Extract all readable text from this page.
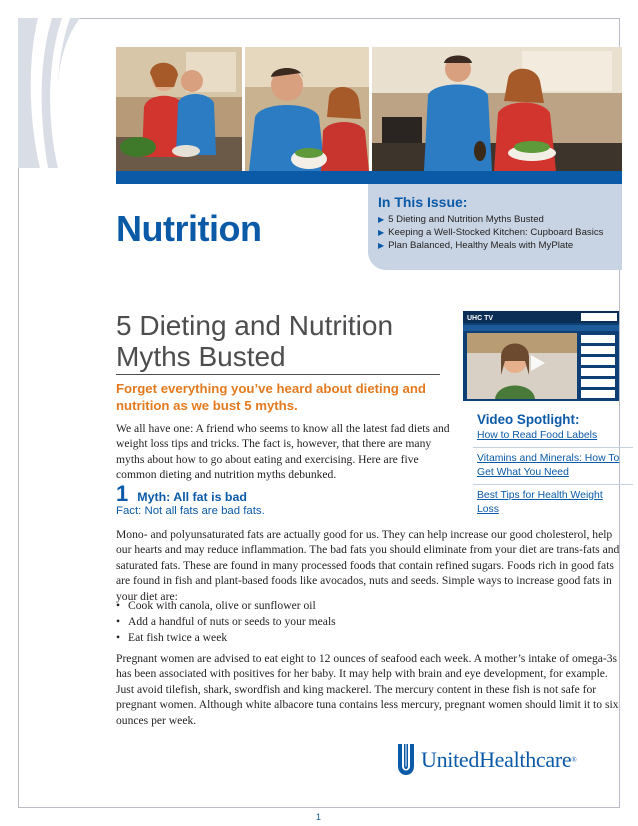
Nutrition
In This Issue:
▶ 5 Dieting and Nutrition Myths Busted
▶ Keeping a Well-Stocked Kitchen: Cupboard Basics
▶ Plan Balanced, Healthy Meals with MyPlate
5 Dieting and Nutrition Myths Busted
Forget everything you’ve heard about dieting and nutrition as we bust 5 myths.

We all have one: A friend who seems to know all the latest fad diets and weight loss tips and tricks. The fact is, however, that there are many myths about how to go about eating and exercising. Here are five common dieting and nutrition myths debunked.

1 Myth: All fat is bad
Fact: Not all fats are bad fats.

Mono- and polyunsaturated fats are actually good for us. They can help increase our good cholesterol, help our hearts and may reduce inflammation. The bad fats you should eliminate from your diet are trans-fats and saturated fats. These are found in many processed foods that contain refined sugars. Foods rich in good fats are found in fish and plant-based foods like avocados, nuts and seeds. Simple ways to increase good fats in your diet are:

• Cook with canola, olive or sunflower oil
• Add a handful of nuts or seeds to your meals
• Eat fish twice a week

Pregnant women are advised to eat eight to 12 ounces of seafood each week. A mother’s intake of omega-3s has been associated with positives for her baby. It may help with brain and eye development, for example. Just avoid tilefish, shark, swordfish and king mackerel. The mercury content in these fish is not safe for pregnant women. Although white albacore tuna contains less mercury, pregnant women should limit it to six ounces per week.

UHC TV
Video Spotlight:
How to Read Food Labels
Vitamins and Minerals: How To Get What You Need
Best Tips for Health Weight Loss
UnitedHealthcare ®
1
